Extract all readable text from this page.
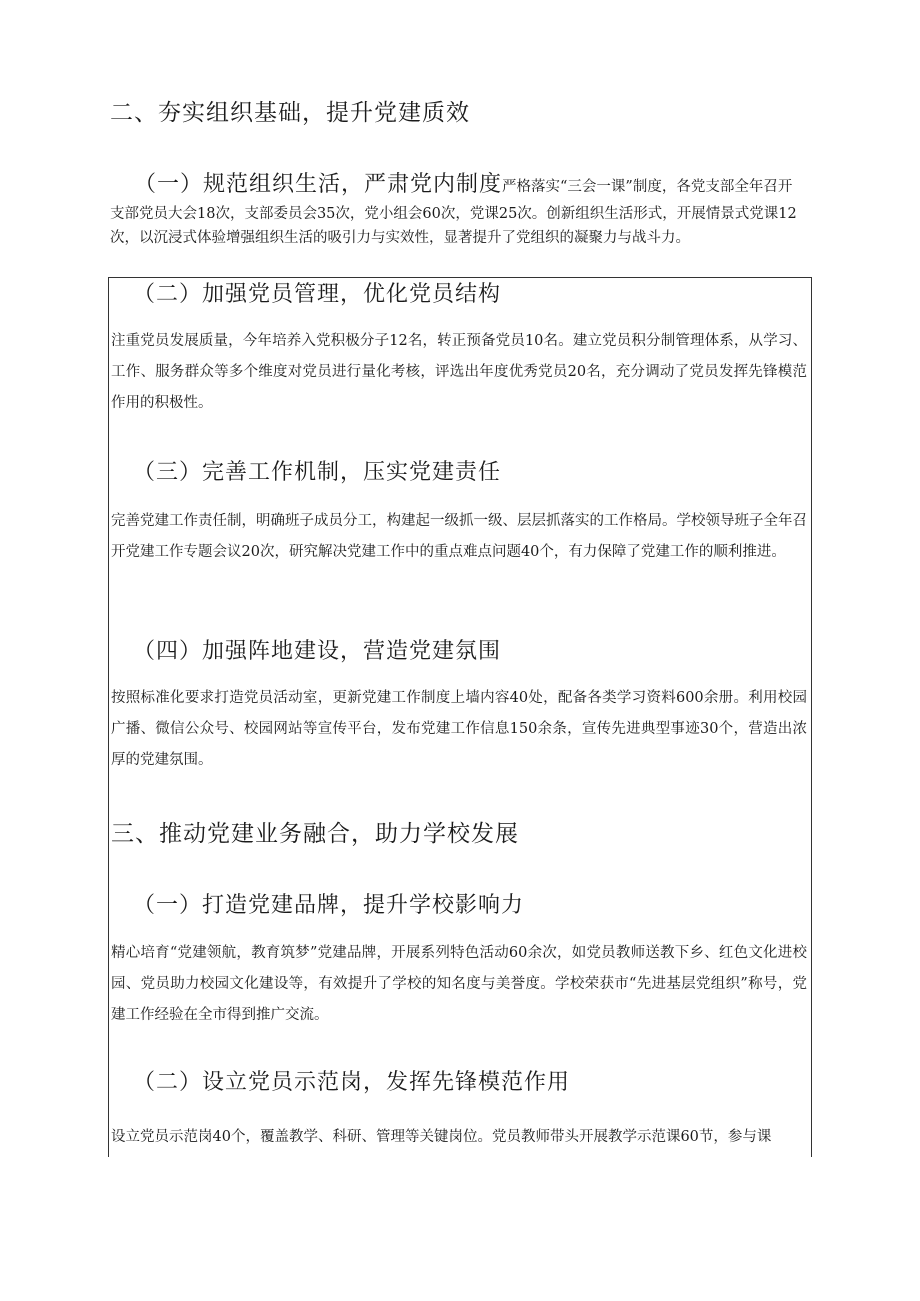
二、夯实组织基础，提升党建质效
（一）规范组织生活，严肃党内制度严格落实“三会一课”制度，各党支部全年召开

支部党员大会18次，支部委员会35次，党小组会60次，党课25次。创新组织生活形式，开展情景式党课12

次，以沉浸式体验增强组织生活的吸引力与实效性，显著提升了党组织的凝聚力与战斗力。

（二）加强党员管理，优化党员结构

注重党员发展质量，今年培养入党积极分子12名，转正预备党员10名。建立党员积分制管理体系，从学习、工作、服务群众等多个维度对党员进行量化考核，评选出年度优秀党员20名，充分调动了党员发挥先锋模范作用的积极性。

（三）完善工作机制，压实党建责任

完善党建工作责任制，明确班子成员分工，构建起一级抓一级、层层抓落实的工作格局。学校领导班子全年召开党建工作专题会议20次，研究解决党建工作中的重点难点问题40个，有力保障了党建工作的顺利推进。

（四）加强阵地建设，营造党建氛围

按照标准化要求打造党员活动室，更新党建工作制度上墙内容40处，配备各类学习资料600余册。利用校园广播、微信公众号、校园网站等宣传平台，发布党建工作信息150余条，宣传先进典型事迹30个，营造出浓厚的党建氛围。

三、推动党建业务融合，助力学校发展
（一）打造党建品牌，提升学校影响力

精心培育“党建领航，教育筑梦”党建品牌，开展系列特色活动60余次，如党员教师送教下乡、红色文化进校园、党员助力校园文化建设等，有效提升了学校的知名度与美誉度。学校荣获市“先进基层党组织”称号，党建工作经验在全市得到推广交流。

（二）设立党员示范岗，发挥先锋模范作用

设立党员示范岗40个，覆盖教学、科研、管理等关键岗位。党员教师带头开展教学示范课60节，参与课
